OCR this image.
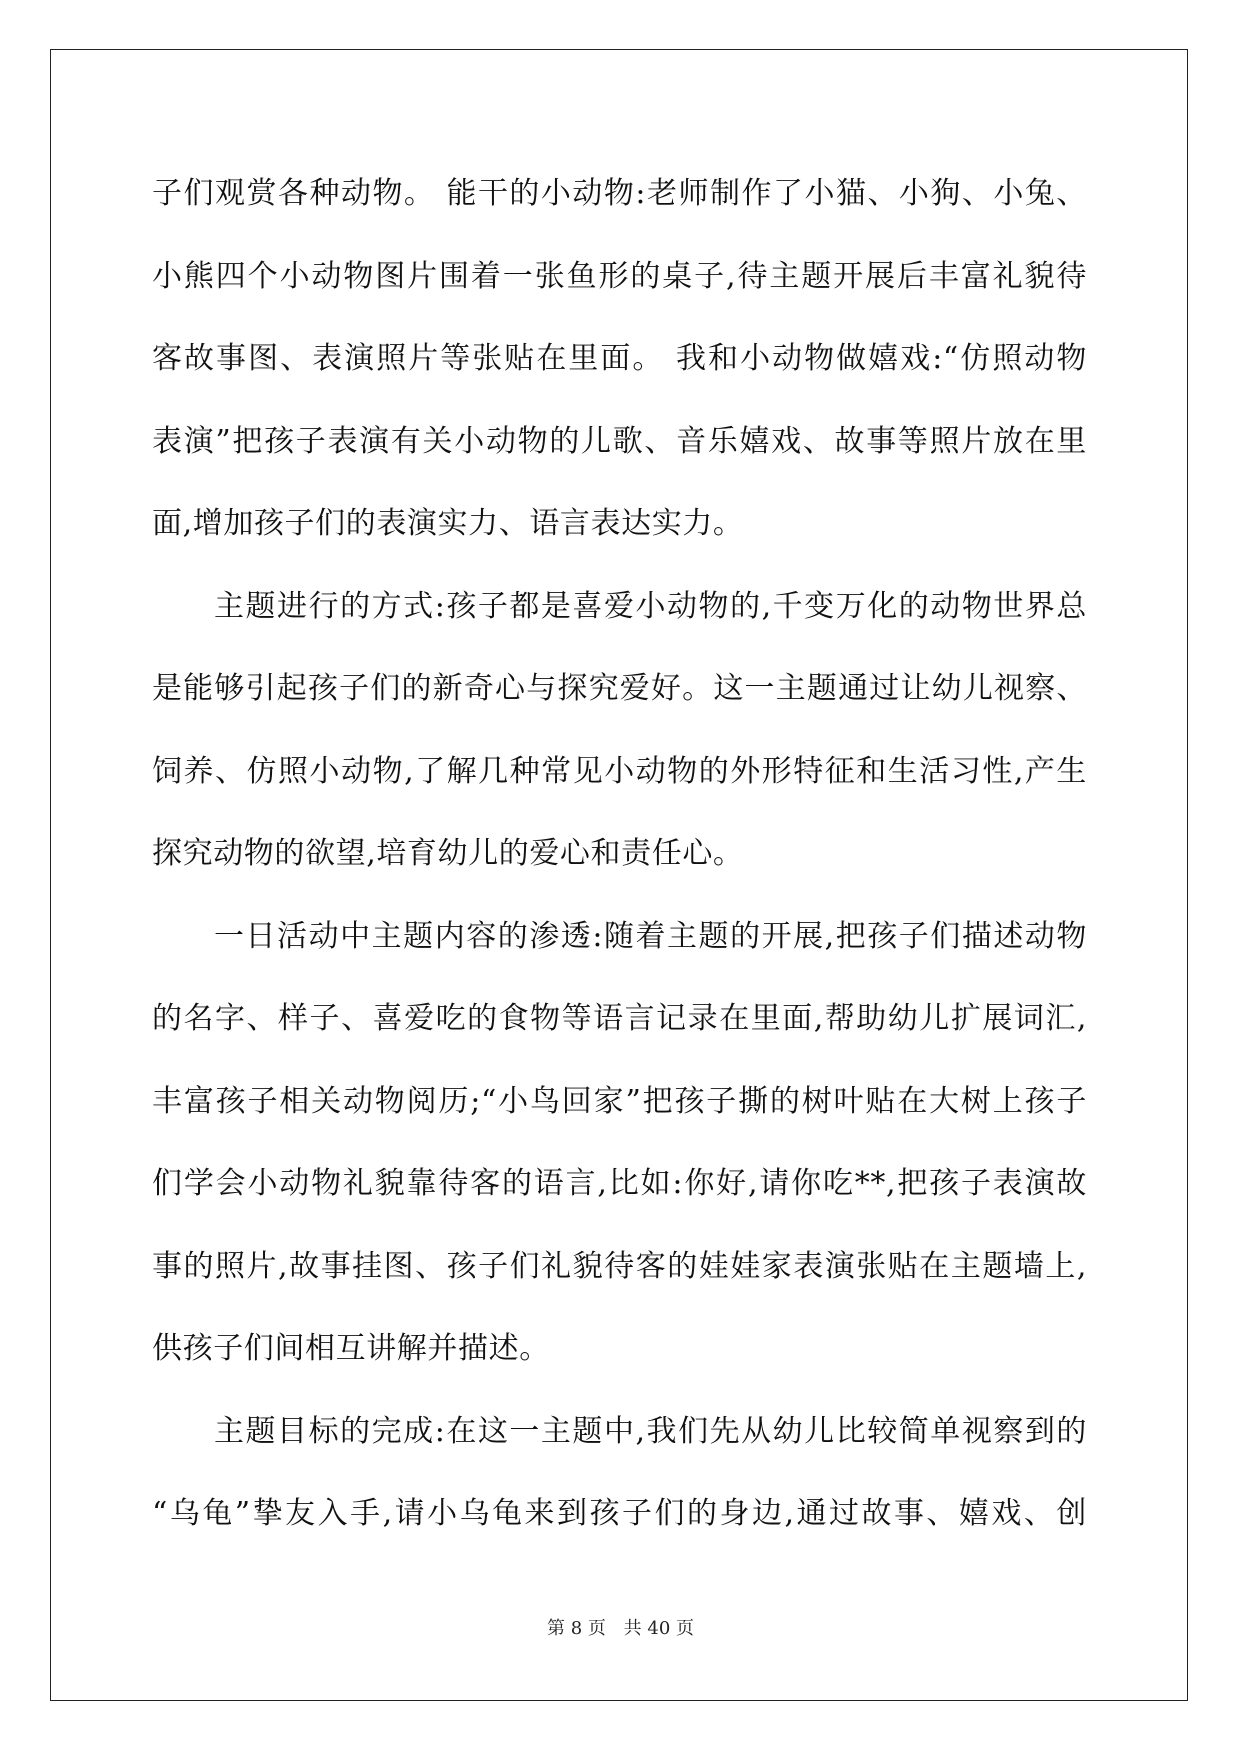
子们观赏各种动物。 能干的小动物:老师制作了小猫、小狗、小兔、
小熊四个小动物图片围着一张鱼形的桌子,待主题开展后丰富礼貌待
客故事图、表演照片等张贴在里面。 我和小动物做嬉戏:“仿照动物
表演”把孩子表演有关小动物的儿歌、音乐嬉戏、故事等照片放在里
面,增加孩子们的表演实力、语言表达实力。
主题进行的方式:孩子都是喜爱小动物的,千变万化的动物世界总
是能够引起孩子们的新奇心与探究爱好。这一主题通过让幼儿视察、
饲养、仿照小动物,了解几种常见小动物的外形特征和生活习性,产生
探究动物的欲望,培育幼儿的爱心和责任心。
一日活动中主题内容的渗透:随着主题的开展,把孩子们描述动物
的名字、样子、喜爱吃的食物等语言记录在里面,帮助幼儿扩展词汇,
丰富孩子相关动物阅历;“小鸟回家”把孩子撕的树叶贴在大树上孩子
们学会小动物礼貌靠待客的语言,比如:你好,请你吃**,把孩子表演故
事的照片,故事挂图、孩子们礼貌待客的娃娃家表演张贴在主题墙上,
供孩子们间相互讲解并描述。
主题目标的完成:在这一主题中,我们先从幼儿比较简单视察到的
“乌龟”挚友入手,请小乌龟来到孩子们的身边,通过故事、嬉戏、创
第 8 页 共 40 页
